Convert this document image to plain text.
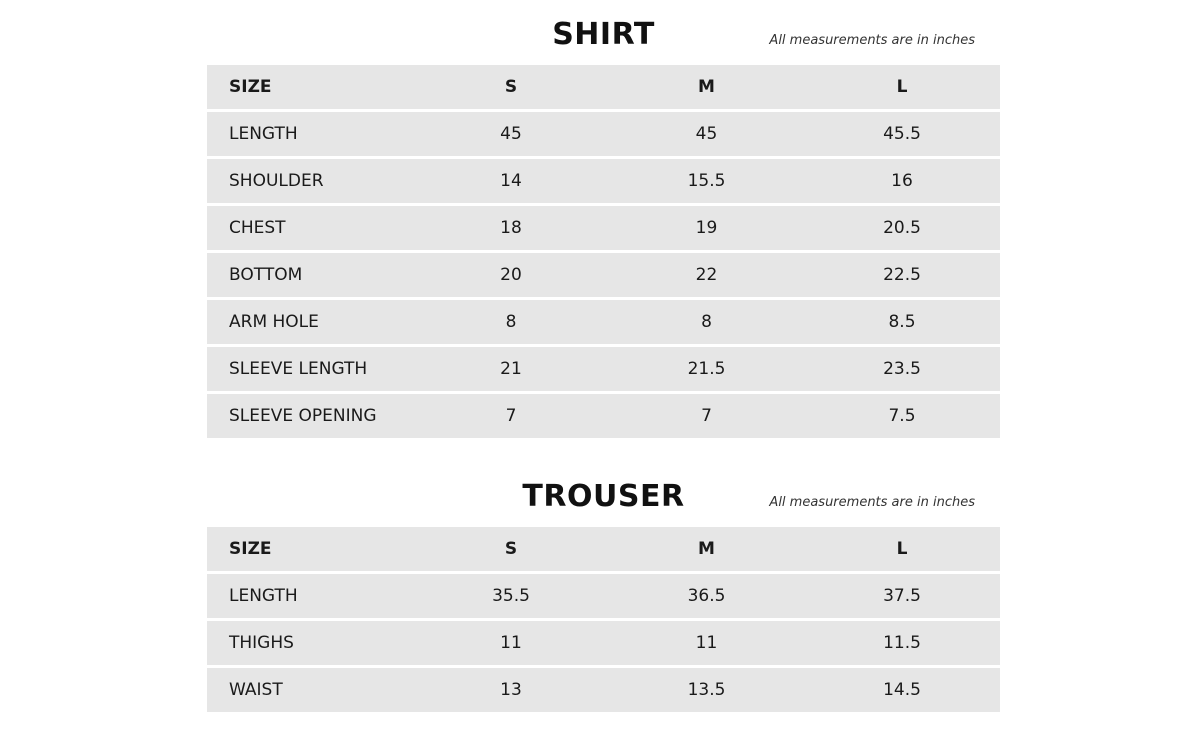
SHIRT	All measurements are in inches
SIZE	S	M	L
LENGTH	45	45	45.5
SHOULDER	14	15.5	16
CHEST	18	19	20.5
BOTTOM	20	22	22.5
ARM HOLE	8	8	8.5
SLEEVE LENGTH	21	21.5	23.5
SLEEVE OPENING	7	7	7.5
TROUSER	All measurements are in inches
SIZE	S	M	L
LENGTH	35.5	36.5	37.5
THIGHS	11	11	11.5
WAIST	13	13.5	14.5
